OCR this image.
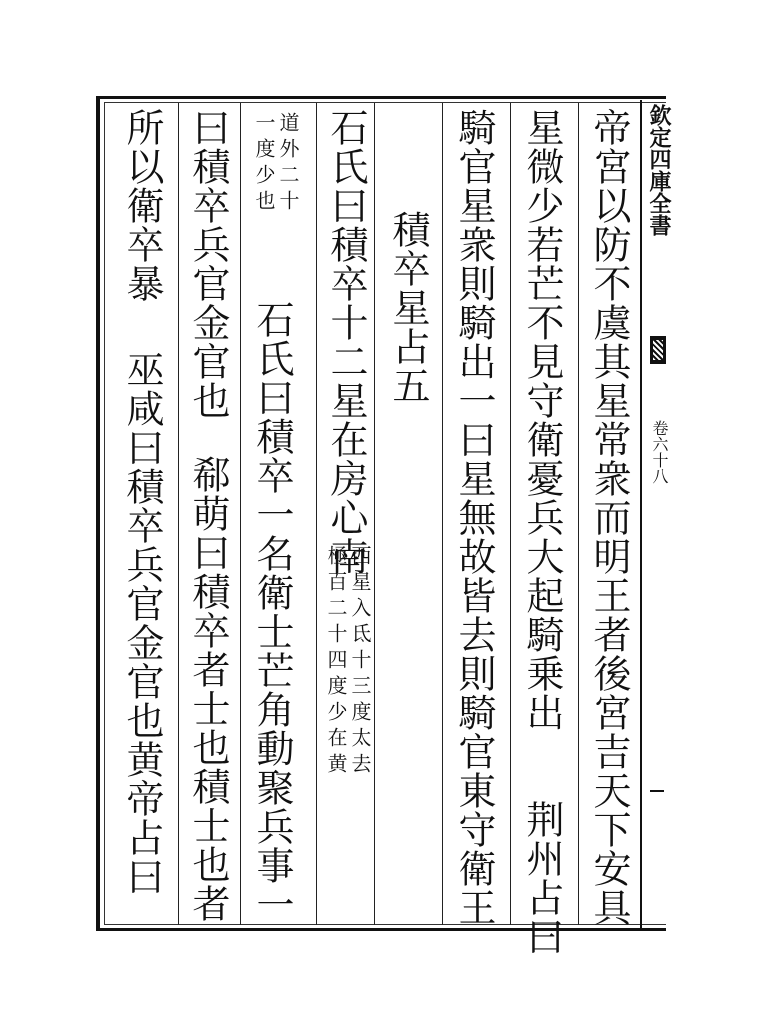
欽定四庫全書
卷六十八
帝宮以防不虞其星常衆而明王者後宮吉天下安具
星微少若芒不見守衛憂兵大起騎乗出
荆州占曰
騎官星衆則騎出一曰星無故皆去則騎官東守衛王
積卒星占五
石氏曰積卒十二星在房心南
西星入氐十三度太去
極百二十四度少在黄
道外二十
一度少也
石氏曰積卒一名衛士芒角動聚兵事一
曰積卒兵官金官也
郗萌曰積卒者士也積士也者
所以衛卒暴
巫咸曰積卒兵官金官也
黄帝占曰
